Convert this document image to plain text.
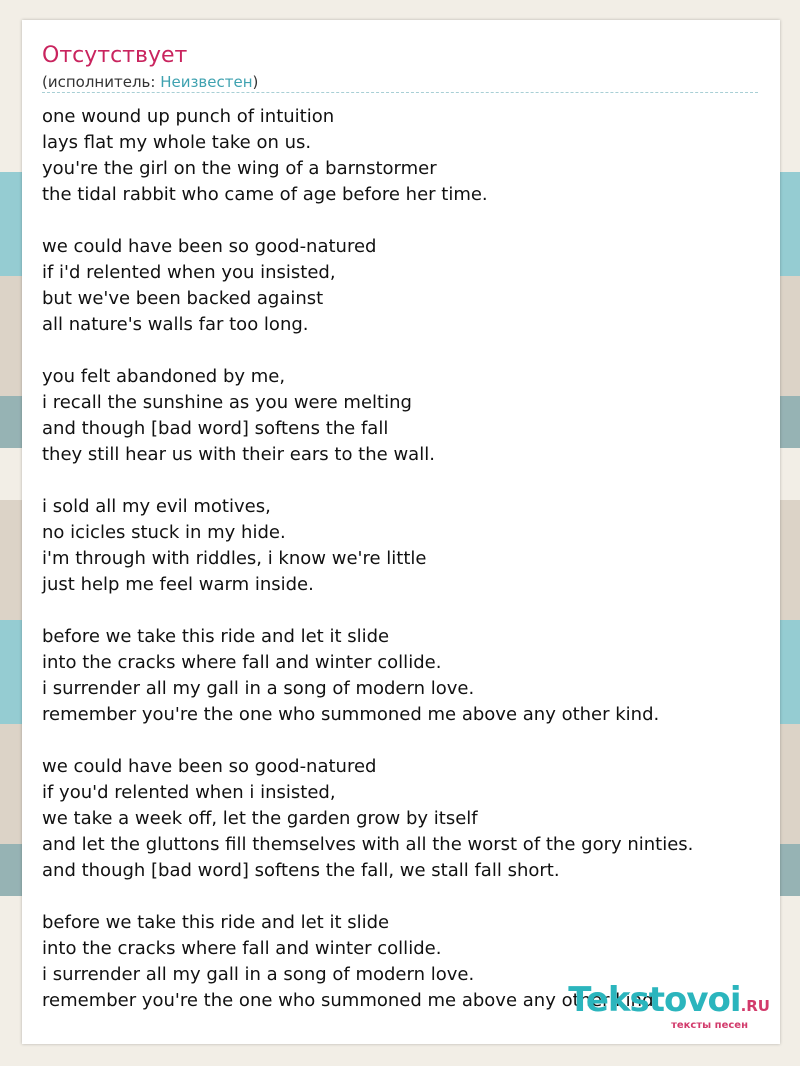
Отсутствует
(исполнитель: Неизвестен)
one wound up punch of intuition
lays flat my whole take on us.
you're the girl on the wing of a barnstormer
the tidal rabbit who came of age before her time.
we could have been so good-natured
if i'd relented when you insisted,
but we've been backed against
all nature's walls far too long.
you felt abandoned by me,
i recall the sunshine as you were melting
and though [bad word] softens the fall
they still hear us with their ears to the wall.
i sold all my evil motives,
no icicles stuck in my hide.
i'm through with riddles, i know we're little
just help me feel warm inside.
before we take this ride and let it slide
into the cracks where fall and winter collide.
i surrender all my gall in a song of modern love.
remember you're the one who summoned me above any other kind.
we could have been so good-natured
if you'd relented when i insisted,
we take a week off, let the garden grow by itself
and let the gluttons fill themselves with all the worst of the gory ninties.
and though [bad word] softens the fall, we stall fall short.
before we take this ride and let it slide
into the cracks where fall and winter collide.
i surrender all my gall in a song of modern love.
remember you're the one who summoned me above any other kind.
Tekstovoi.RU
тексты песен
